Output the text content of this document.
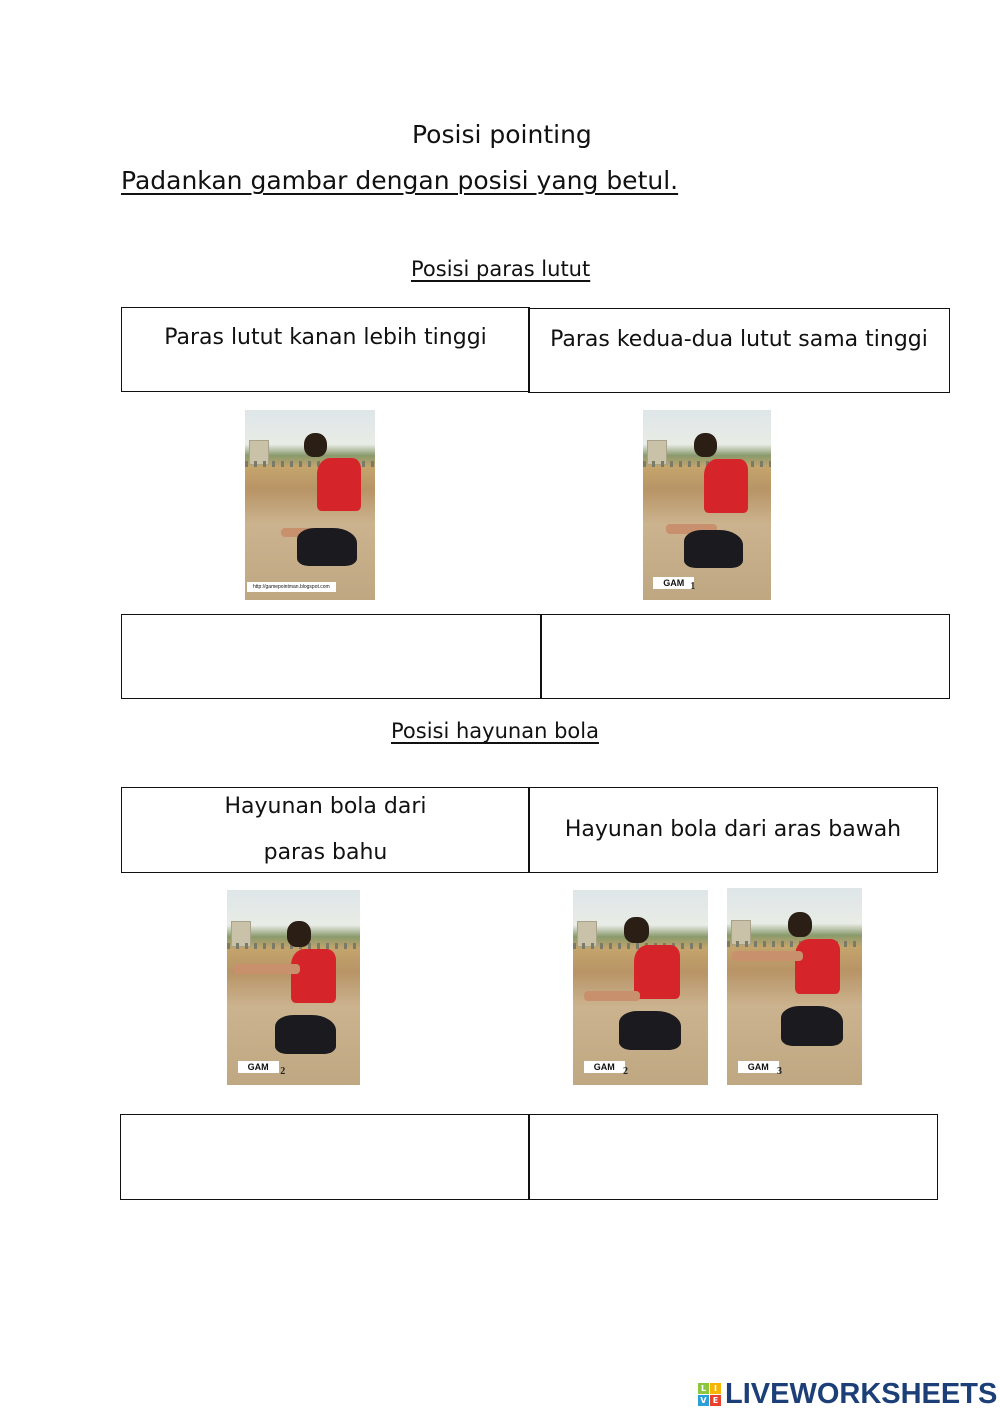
Posisi pointing
Padankan gambar dengan posisi yang betul.
Posisi paras lutut
Paras lutut kanan lebih tinggi	Paras kedua-dua lutut sama tinggi
http://gamepointman.blogspot.com	GAM 1
Posisi hayunan bola
Hayunan bola dari
paras bahu
Hayunan bola dari aras bawah
GAM	2	GAM 2	GAM 3
L I
V E LIVEWORKSHEETS
